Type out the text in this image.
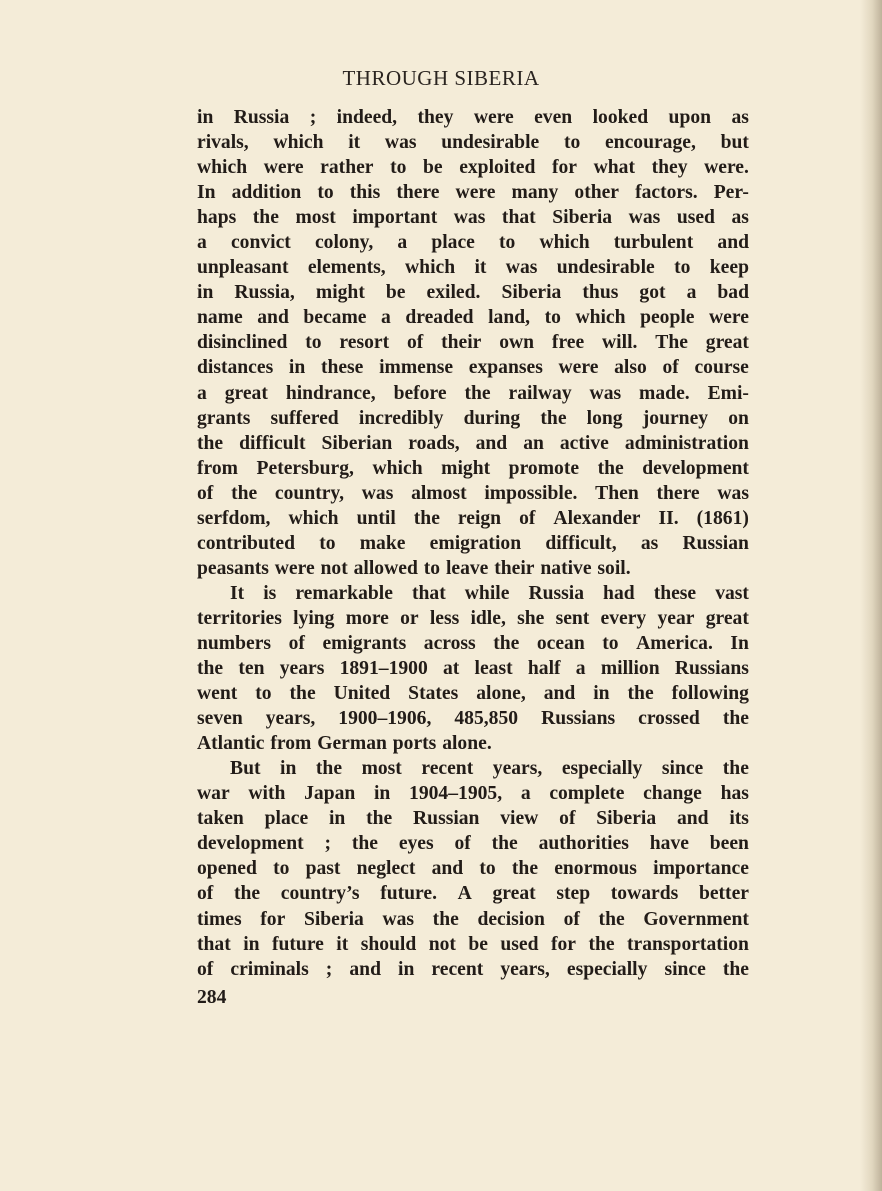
THROUGH SIBERIA
in Russia ; indeed, they were even looked upon as
rivals, which it was undesirable to encourage, but
which were rather to be exploited for what they were.
In addition to this there were many other factors. Per-
haps the most important was that Siberia was used as
a convict colony, a place to which turbulent and
unpleasant elements, which it was undesirable to keep
in Russia, might be exiled. Siberia thus got a bad
name and became a dreaded land, to which people were
disinclined to resort of their own free will. The great
distances in these immense expanses were also of course
a great hindrance, before the railway was made. Emi-
grants suffered incredibly during the long journey on
the difficult Siberian roads, and an active administration
from Petersburg, which might promote the development
of the country, was almost impossible. Then there was
serfdom, which until the reign of Alexander II. (1861)
contributed to make emigration difficult, as Russian
peasants were not allowed to leave their native soil.
It is remarkable that while Russia had these vast
territories lying more or less idle, she sent every year great
numbers of emigrants across the ocean to America. In
the ten years 1891–1900 at least half a million Russians
went to the United States alone, and in the following
seven years, 1900–1906, 485,850 Russians crossed the
Atlantic from German ports alone.
But in the most recent years, especially since the
war with Japan in 1904–1905, a complete change has
taken place in the Russian view of Siberia and its
development ; the eyes of the authorities have been
opened to past neglect and to the enormous importance
of the country’s future. A great step towards better
times for Siberia was the decision of the Government
that in future it should not be used for the transportation
of criminals ; and in recent years, especially since the
284
